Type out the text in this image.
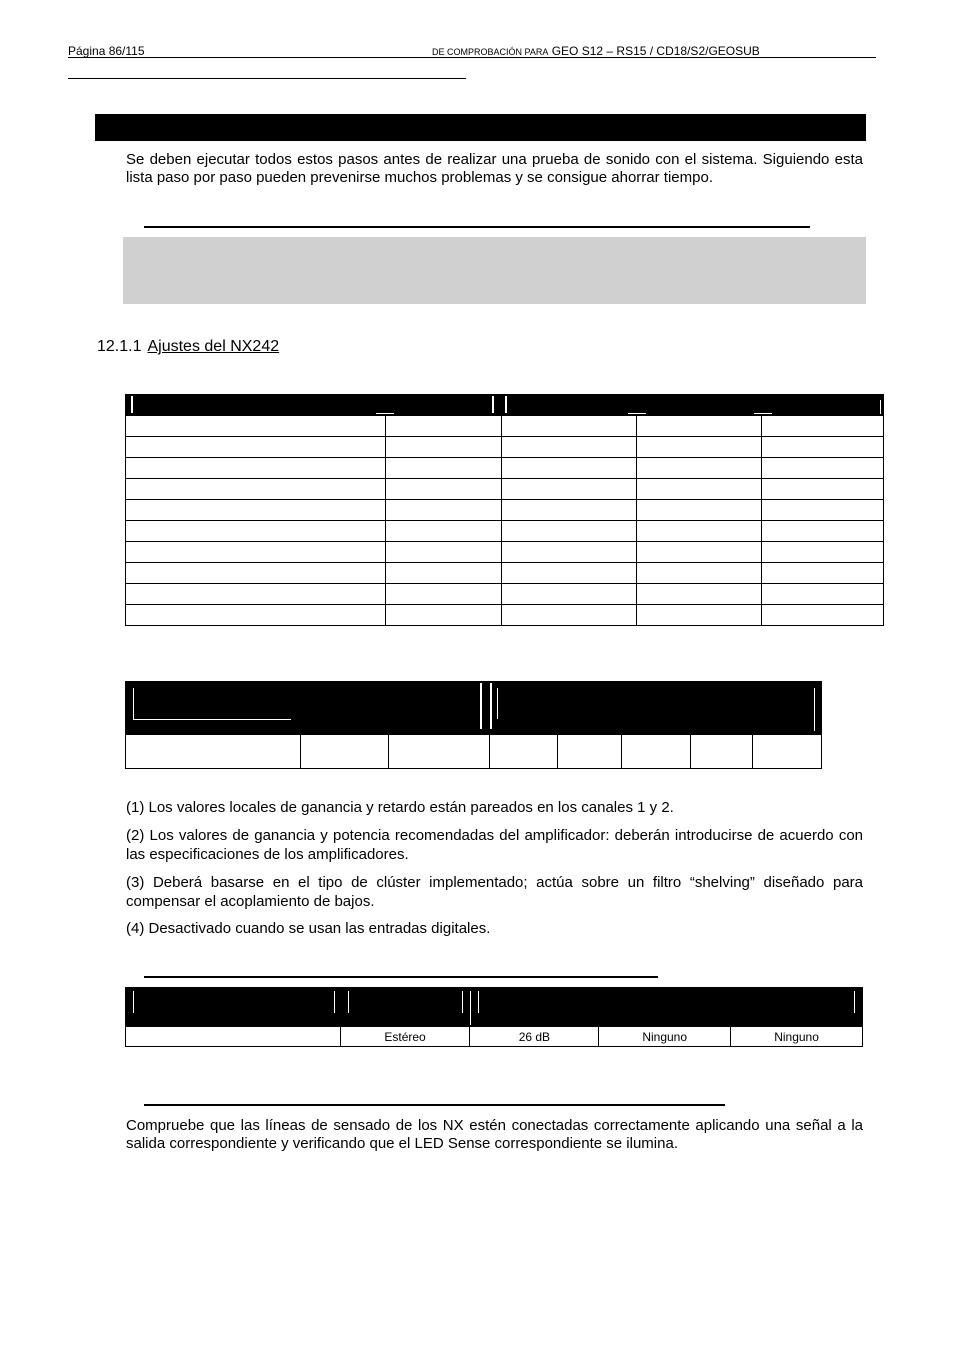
Página 86/115	DE COMPROBACIÓN PARA GEO S12 – RS15 / CD18/S2/GEOSUB
Se deben ejecutar todos estos pasos antes de realizar una prueba de sonido con el sistema. Siguiendo esta lista paso por paso pueden prevenirse muchos problemas y se consigue ahorrar tiempo.
12.1.1 Ajustes del NX242

(1) Los valores locales de ganancia y retardo están pareados en los canales 1 y 2.
(2) Los valores de ganancia y potencia recomendadas del amplificador: deberán introducirse de acuerdo con las especificaciones de los amplificadores.
(3) Deberá basarse en el tipo de clúster implementado; actúa sobre un filtro “shelving” diseñado para compensar el acoplamiento de bajos.
(4) Desactivado cuando se usan las entradas digitales.
	Estéreo	26 dB	Ninguno	Ninguno
Compruebe que las líneas de sensado de los NX estén conectadas correctamente aplicando una señal a la salida correspondiente y verificando que el LED Sense correspondiente se ilumina.
